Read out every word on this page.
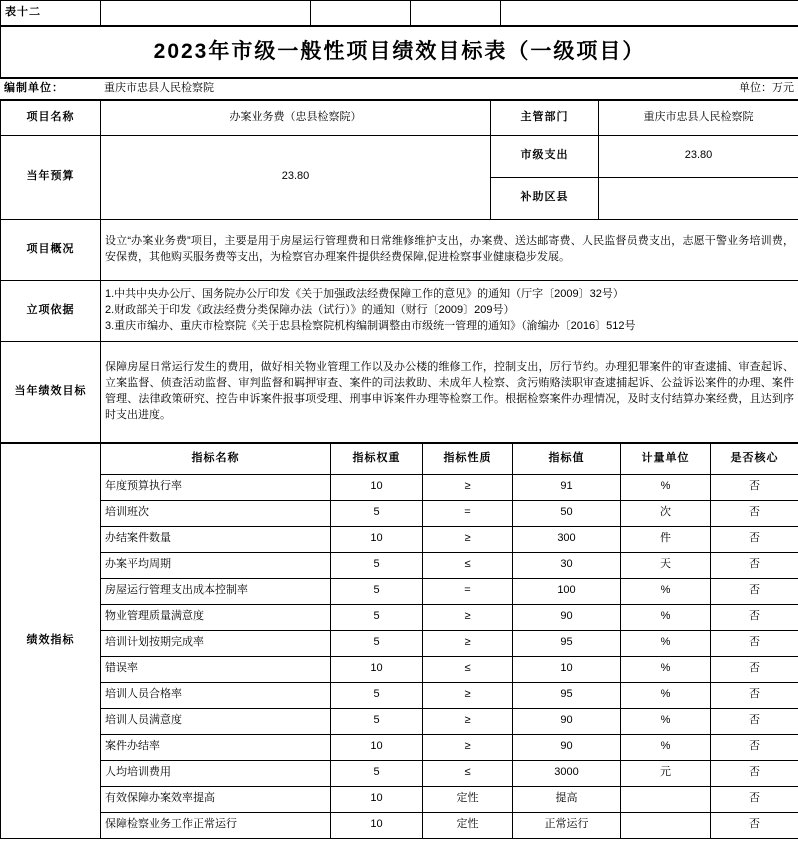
表十二				
2023年市级一般性项目绩效目标表（一级项目）
编制单位：	重庆市忠县人民检察院	单位：万元
项目名称	办案业务费（忠县检察院）	主管部门	重庆市忠县人民检察院
当年预算	23.80	市级支出	23.80
		补助区县	
项目概况	设立“办案业务费”项目，主要是用于房屋运行管理费和日常维修维护支出，办案费、送达邮寄费、人民监督员费支出，志愿干警业务培训费，安保费，其他购买服务费等支出，为检察官办理案件提供经费保障,促进检察事业健康稳步发展。		
立项依据	1.中共中央办公厅、国务院办公厅印发《关于加强政法经费保障工作的意见》的通知（厅字〔2009〕32号）
2.财政部关于印发《政法经费分类保障办法（试行）》的通知（财行〔2009〕209号）
3.重庆市编办、重庆市检察院《关于忠县检察院机构编制调整由市级统一管理的通知》（渝编办〔2016〕512号		

当年绩效目标	保障房屋日常运行发生的费用，做好相关物业管理工作以及办公楼的维修工作，控制支出，厉行节约。办理犯罪案件的审查逮捕、审查起诉、立案监督、侦查活动监督、审判监督和羁押审查、案件的司法救助、未成年人检察、贪污贿赂渎职审查逮捕起诉、公益诉讼案件的办理、案件管理、法律政策研究、控告申诉案件报事项受理、刑事申诉案件办理等检察工作。根据检察案件办理情况，及时支付结算办案经费，且达到序时支出进度。		
绩效指标	指标名称	指标权重	指标性质	指标值	计量单位	是否核心
	年度预算执行率	10	≥	91	%	否
	培训班次	5	=	50	次	否
	办结案件数量	10	≥	300	件	否
	办案平均周期	5	≤	30	天	否
	房屋运行管理支出成本控制率	5	=	100	%	否
	物业管理质量满意度	5	≥	90	%	否
	培训计划按期完成率	5	≥	95	%	否
	错误率	10	≤	10	%	否
	培训人员合格率	5	≥	95	%	否
	培训人员满意度	5	≥	90	%	否
	案件办结率	10	≥	90	%	否
	人均培训费用	5	≤	3000	元	否
	有效保障办案效率提高	10	定性	提高		否
	保障检察业务工作正常运行	10	定性	正常运行		否
